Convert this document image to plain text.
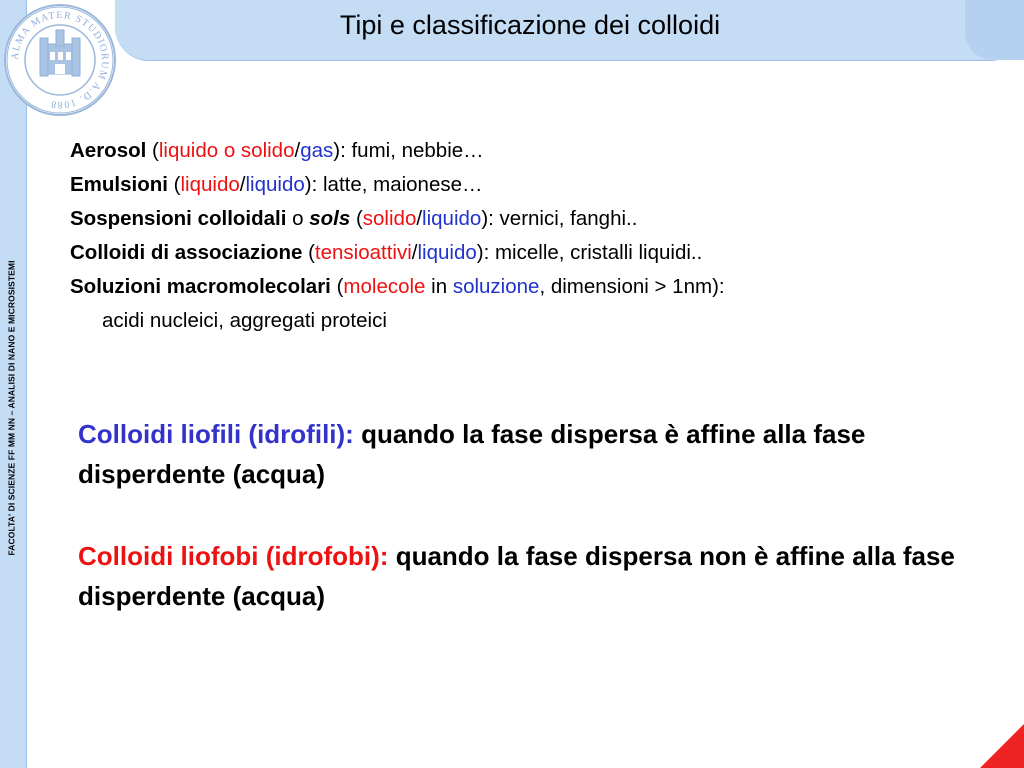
FACOLTA' DI SCIENZE FF MM NN – ANALISI DI NANO E MICROSISTEMI
Tipi e classificazione dei colloidi
ALMA MATER STUDIORUM A.D. 1088
Aerosol (liquido o solido/gas): fumi, nebbie…
Emulsioni (liquido/liquido): latte, maionese…
Sospensioni colloidali o sols (solido/liquido): vernici, fanghi..
Colloidi di associazione (tensioattivi/liquido): micelle, cristalli liquidi..
Soluzioni macromolecolari (molecole in soluzione, dimensioni > 1nm):
acidi nucleici, aggregati proteici
Colloidi liofili (idrofili): quando la fase dispersa è affine alla fase disperdente (acqua)
Colloidi liofobi (idrofobi): quando la fase dispersa non è affine alla fase disperdente (acqua)
